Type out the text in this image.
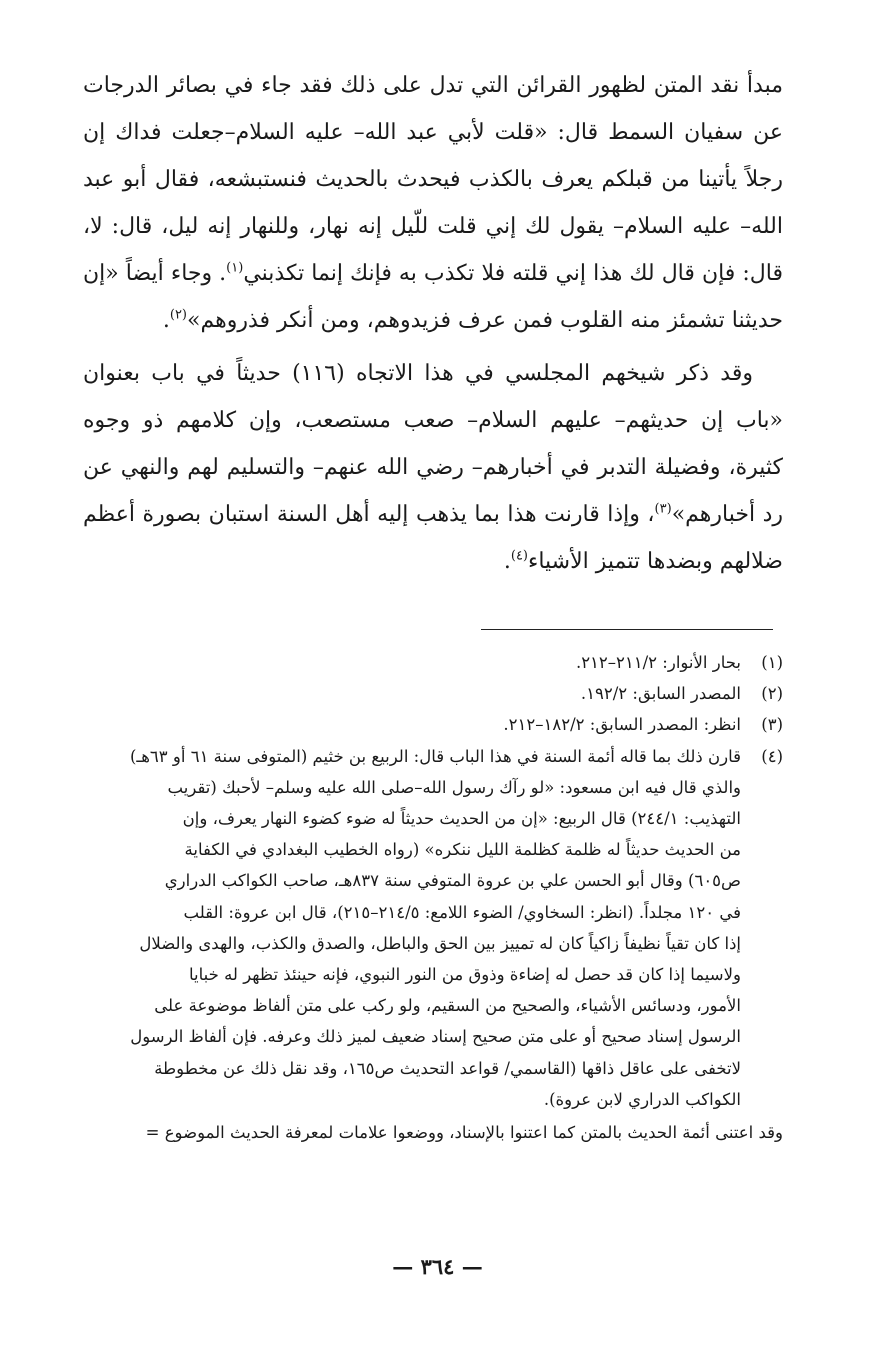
مبدأ نقد المتن لظهور القرائن التي تدل على ذلك فقد جاء في بصائر الدرجات عن سفيان السمط قال: «قلت لأبي عبد الله– عليه السلام–جعلت فداك إن رجلاً يأتينا من قبلكم يعرف بالكذب فيحدث بالحديث فنستبشعه، فقال أبو عبد الله– عليه السلام– يقول لك إني قلت للّيل إنه نهار، وللنهار إنه ليل، قال: لا، قال: فإن قال لك هذا إني قلته فلا تكذب به فإنك إنما تكذبني$^{(١)}$. وجاء أيضاً «إن حديثنا تشمئز منه القلوب فمن عرف فزيدوهم، ومن أنكر فذروهم»$^{(٢)}$.

وقد ذكر شيخهم المجلسي في هذا الاتجاه (١١٦) حديثاً في باب بعنوان «باب إن حديثهم– عليهم السلام– صعب مستصعب، وإن كلامهم ذو وجوه كثيرة، وفضيلة التدبر في أخبارهم– رضي الله عنهم– والتسليم لهم والنهي عن رد أخبارهم»$^{(٣)}$، وإذا قارنت هذا بما يذهب إليه أهل السنة استبان بصورة أعظم ضلالهم وبضدها تتميز الأشياء$^{(٤)}$.

(١)
بحار الأنوار: ٢١١/٢–٢١٢.
(٢)
المصدر السابق: ١٩٢/٢.
(٣)
انظر: المصدر السابق: ١٨٢/٢–٢١٢.
(٤)
قارن ذلك بما قاله أئمة السنة في هذا الباب قال: الربيع بن خثيم (المتوفى سنة ٦١ أو ٦٣هـ)
والذي قال فيه ابن مسعود: «لو رآك رسول الله–صلى الله عليه وسلم– لأحبك (تقريب
التهذيب: ٢٤٤/١) قال الربيع: «إن من الحديث حديثاً له ضوء كضوء النهار يعرف، وإن
من الحديث حديثاً له ظلمة كظلمة الليل ننكره» (رواه الخطيب البغدادي في الكفاية
ص٦٠٥) وقال أبو الحسن علي بن عروة المتوفي سنة ٨٣٧هـ، صاحب الكواكب الدراري
في ١٢٠ مجلداً. (انظر: السخاوي/ الضوء اللامع: ٢١٤/٥–٢١٥)، قال ابن عروة: القلب
إذا كان تقياً نظيفاً زاكياً كان له تمييز بين الحق والباطل، والصدق والكذب، والهدى والضلال
ولاسيما إذا كان قد حصل له إضاءة وذوق من النور النبوي، فإنه حينئذ تظهر له خبايا
الأمور، ودسائس الأشياء، والصحيح من السقيم، ولو ركب على متن ألفاظ موضوعة على
الرسول إسناد صحيح أو على متن صحيح إسناد ضعيف لميز ذلك وعرفه. فإن ألفاظ الرسول
لاتخفى على عاقل ذاقها (القاسمي/ قواعد التحديث ص١٦٥، وقد نقل ذلك عن مخطوطة
الكواكب الدراري لابن عروة).
وقد اعتنى أئمة الحديث بالمتن كما اعتنوا بالإسناد، ووضعوا علامات لمعرفة الحديث الموضوع =
— ٣٦٤ —
